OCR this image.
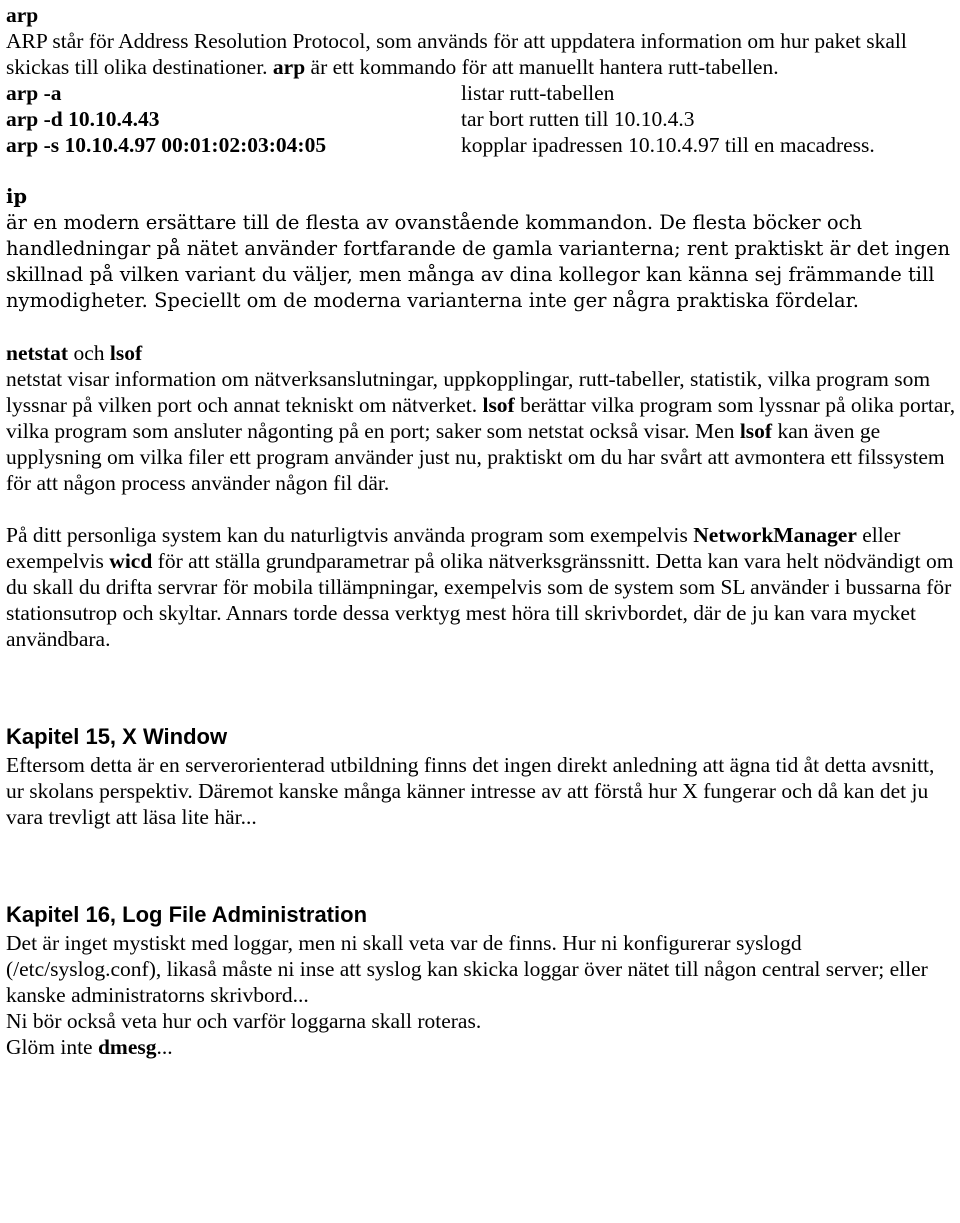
arp

ARP står för Address Resolution Protocol, som används för att uppdatera information om hur paket skall skickas till olika destinationer. arp är ett kommando för att manuellt hantera rutt-tabellen.

arp -a	listar rutt-tabellen
arp -d 10.10.4.43	tar bort rutten till 10.10.4.3
arp -s 10.10.4.97 00:01:02:03:04:05	kopplar ipadressen 10.10.4.97 till en macadress.

ip

är en modern ersättare till de flesta av ovanstående kommandon. De flesta böcker och handledningar på nätet använder fortfarande de gamla varianterna; rent praktiskt är det ingen skillnad på vilken variant du väljer, men många av dina kollegor kan känna sej främmande till nymodigheter. Speciellt om de moderna varianterna inte ger några praktiska fördelar.

netstat och lsof

netstat visar information om nätverksanslutningar, uppkopplingar, rutt-tabeller, statistik, vilka program som lyssnar på vilken port och annat tekniskt om nätverket. lsof berättar vilka program som lyssnar på olika portar, vilka program som ansluter någonting på en port; saker som netstat också visar. Men lsof kan även ge upplysning om vilka filer ett program använder just nu, praktiskt om du har svårt att avmontera ett filssystem för att någon process använder någon fil där.

På ditt personliga system kan du naturligtvis använda program som exempelvis NetworkManager eller exempelvis wicd för att ställa grundparametrar på olika nätverksgränssnitt. Detta kan vara helt nödvändigt om du skall du drifta servrar för mobila tillämpningar, exempelvis som de system som SL använder i bussarna för stationsutrop och skyltar. Annars torde dessa verktyg mest höra till skrivbordet, där de ju kan vara mycket användbara.

Kapitel 15, X Window

Eftersom detta är en serverorienterad utbildning finns det ingen direkt anledning att ägna tid åt detta avsnitt, ur skolans perspektiv. Däremot kanske många känner intresse av att förstå hur X fungerar och då kan det ju vara trevligt att läsa lite här...

Kapitel 16, Log File Administration

Det är inget mystiskt med loggar, men ni skall veta var de finns. Hur ni konfigurerar syslogd (/etc/syslog.conf), likaså måste ni inse att syslog kan skicka loggar över nätet till någon central server; eller kanske administratorns skrivbord...

Ni bör också veta hur och varför loggarna skall roteras.

Glöm inte dmesg...
